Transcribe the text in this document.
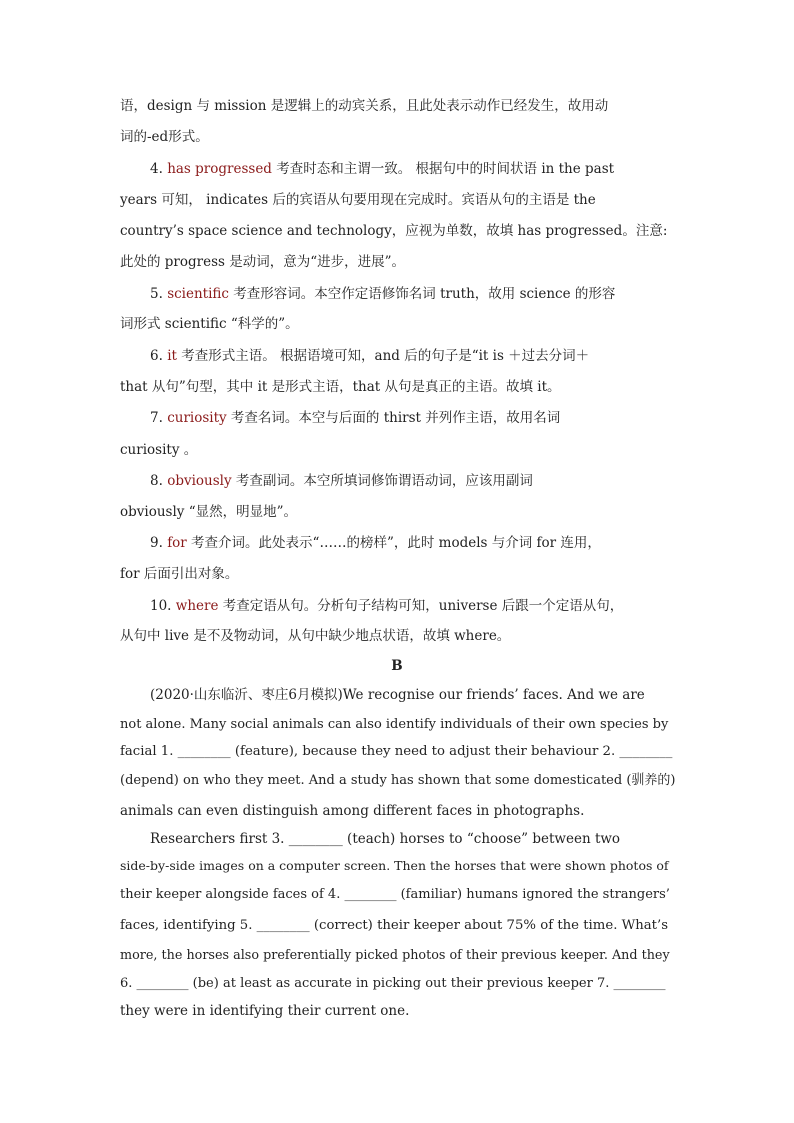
语，design 与 mission 是逻辑上的动宾关系，且此处表示动作已经发生，故用动
词的-ed形式。
4. has progressed 考查时态和主谓一致。 根据句中的时间状语 in the past
years 可知， indicates 后的宾语从句要用现在完成时。宾语从句的主语是 the
country’s space science and technology，应视为单数，故填 has progressed。注意:
此处的 progress 是动词，意为“进步，进展”。
5. scientific 考查形容词。本空作定语修饰名词 truth，故用 science 的形容
词形式 scientific “科学的”。
6. it 考查形式主语。 根据语境可知，and 后的句子是“it is ＋过去分词＋
that 从句”句型，其中 it 是形式主语，that 从句是真正的主语。故填 it。
7. curiosity 考查名词。本空与后面的 thirst 并列作主语，故用名词
curiosity 。
8. obviously 考查副词。本空所填词修饰谓语动词，应该用副词
obviously “显然，明显地”。
9. for 考查介词。此处表示“……的榜样”，此时 models 与介词 for 连用，
for 后面引出对象。
10. where 考查定语从句。分析句子结构可知，universe 后跟一个定语从句，
从句中 live 是不及物动词，从句中缺少地点状语，故填 where。
B
(2020·山东临沂、枣庄6月模拟)We recognise our friends’ faces. And we are
not alone. Many social animals can also identify individuals of their own species by
facial 1. ________ (feature), because they need to adjust their behaviour 2. ________
(depend) on who they meet. And a study has shown that some domesticated (驯养的)
animals can even distinguish among different faces in photographs.
Researchers first 3. ________ (teach) horses to “choose” between two
side-by-side images on a computer screen. Then the horses that were shown photos of
their keeper alongside faces of 4. ________ (familiar) humans ignored the strangers’
faces, identifying 5. ________ (correct) their keeper about 75% of the time. What’s
more, the horses also preferentially picked photos of their previous keeper. And they
6. ________ (be) at least as accurate in picking out their previous keeper 7. ________
they were in identifying their current one.
